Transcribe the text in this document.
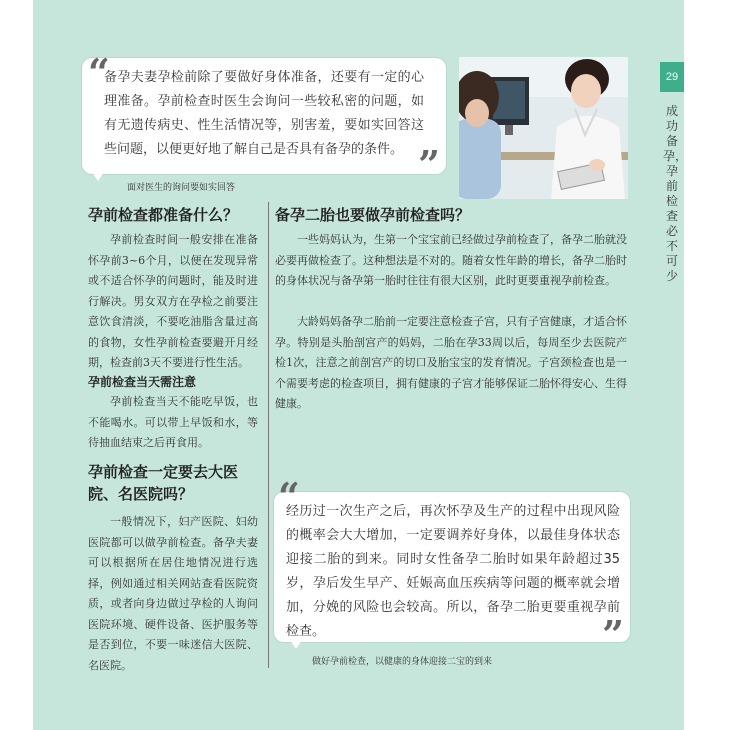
29
成功备孕，孕前检查必不可少
“
备孕夫妻孕检前除了要做好身体准备，还要有一定的心理准备。孕前检查时医生会询问一些较私密的问题，如有无遗传病史、性生活情况等，别害羞，要如实回答这些问题，以便更好地了解自己是否具有备孕的条件。 ”
面对医生的询问要如实回答
孕前检查都准备什么？
孕前检查时间一般安排在准备怀孕前3~6个月，以便在发现异常或不适合怀孕的问题时，能及时进行解决。男女双方在孕检之前要注意饮食清淡，不要吃油脂含量过高的食物，女性孕前检查要避开月经期，检查前3天不要进行性生活。
孕前检查当天需注意
孕前检查当天不能吃早饭，也不能喝水。可以带上早饭和水，等待抽血结束之后再食用。
孕前检查一定要去大医院、名医院吗？
一般情况下，妇产医院、妇幼医院都可以做孕前检查。备孕夫妻可以根据所在居住地情况进行选择，例如通过相关网站查看医院资质，或者向身边做过孕检的人询问医院环境、硬件设备、医护服务等是否到位，不要一味迷信大医院、名医院。
备孕二胎也要做孕前检查吗？
一些妈妈认为，生第一个宝宝前已经做过孕前检查了，备孕二胎就没必要再做检查了。这种想法是不对的。随着女性年龄的增长，备孕二胎时的身体状况与备孕第一胎时往往有很大区别，此时更要重视孕前检查。
大龄妈妈备孕二胎前一定要注意检查子宫，只有子宫健康，才适合怀孕。特别是头胎剖宫产的妈妈，二胎在孕33周以后，每周至少去医院产检1次，注意之前剖宫产的切口及胎宝宝的发育情况。子宫颈检查也是一个需要考虑的检查项目，拥有健康的子宫才能够保证二胎怀得安心、生得健康。
“
经历过一次生产之后，再次怀孕及生产的过程中出现风险的概率会大大增加，一定要调养好身体，以最佳身体状态迎接二胎的到来。同时女性备孕二胎时如果年龄超过35岁，孕后发生早产、妊娠高血压疾病等问题的概率就会增加，分娩的风险也会较高。所以，备孕二胎更要重视孕前检查。	”
做好孕前检查，以健康的身体迎接二宝的到来
